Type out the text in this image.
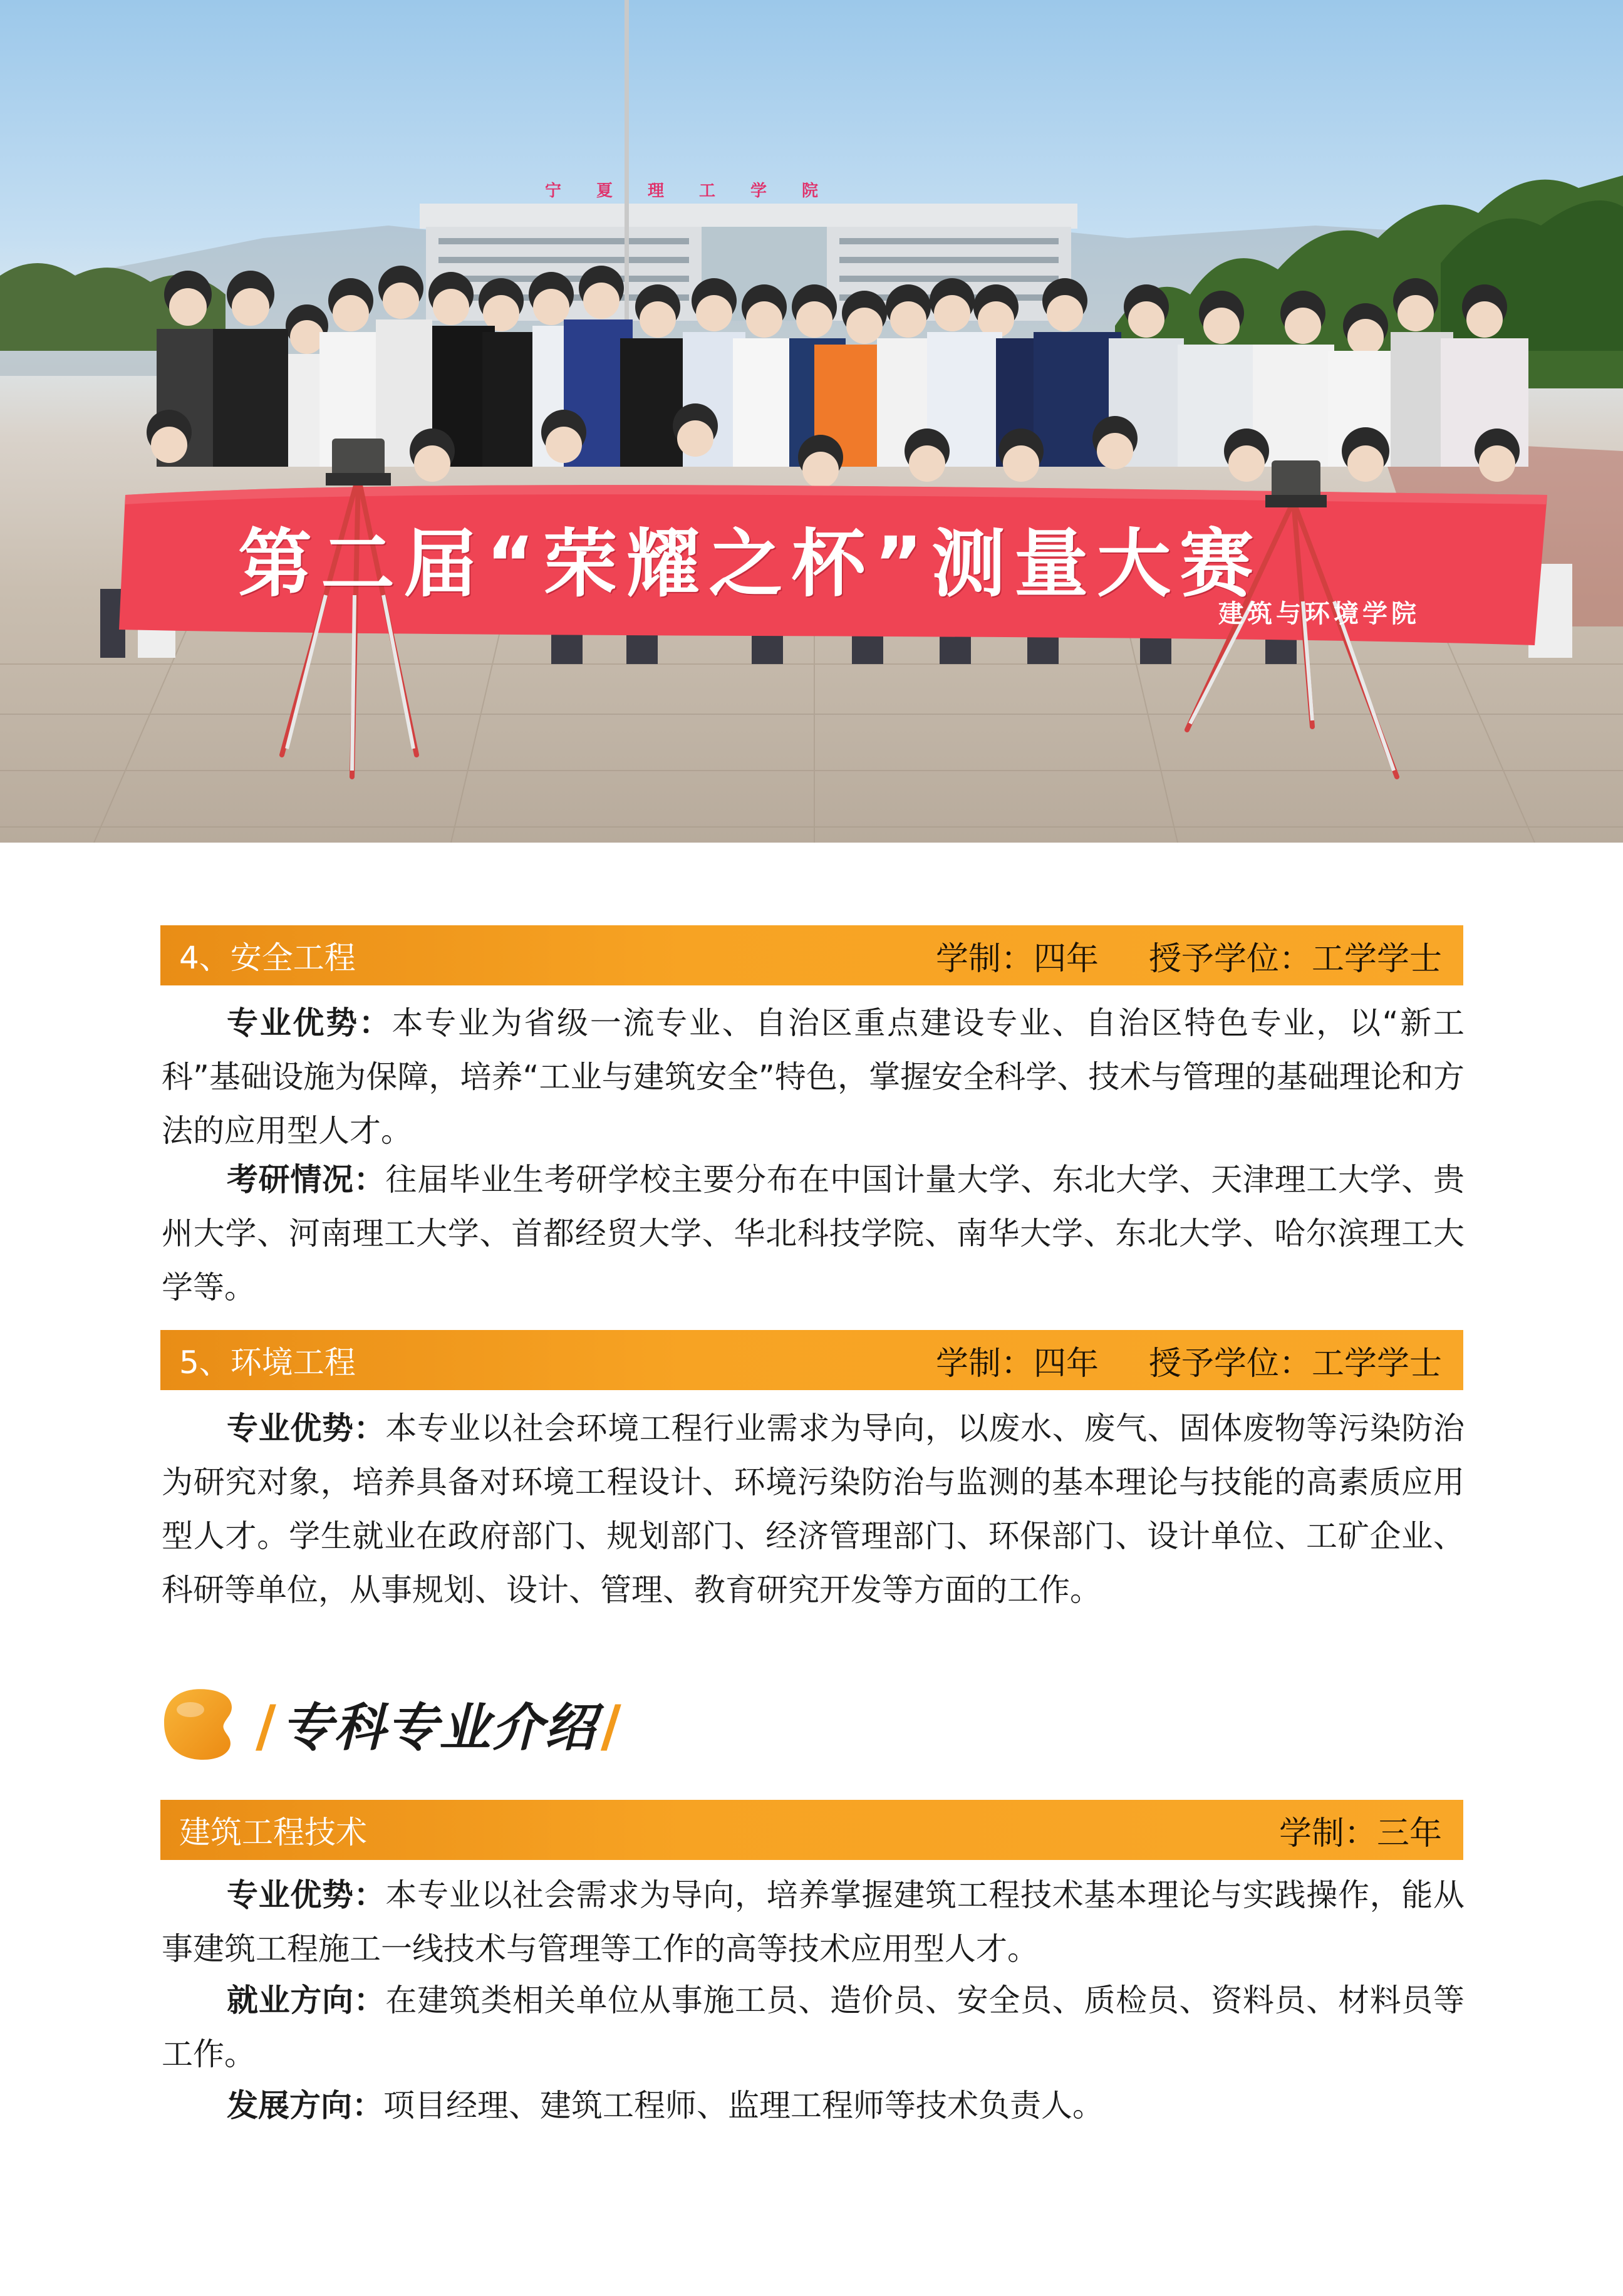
宁夏理工学院
第二届“荣耀之杯”测量大赛
建筑与环境学院
4、安全工程	学制：四年 授予学位：工学学士

专业优势：本专业为省级一流专业、自治区重点建设专业、自治区特色专业，以“新工科”基础设施为保障，培养“工业与建筑安全”特色，掌握安全科学、技术与管理的基础理论和方法的应用型人才。

考研情况：往届毕业生考研学校主要分布在中国计量大学、东北大学、天津理工大学、贵州大学、河南理工大学、首都经贸大学、华北科技学院、南华大学、东北大学、哈尔滨理工大学等。

5、环境工程	学制：四年 授予学位：工学学士

专业优势：本专业以社会环境工程行业需求为导向，以废水、废气、固体废物等污染防治为研究对象，培养具备对环境工程设计、环境污染防治与监测的基本理论与技能的高素质应用型人才。学生就业在政府部门、规划部门、经济管理部门、环保部门、设计单位、工矿企业、科研等单位，从事规划、设计、管理、教育研究开发等方面的工作。

/专科专业介绍/
建筑工程技术	学制：三年

专业优势：本专业以社会需求为导向，培养掌握建筑工程技术基本理论与实践操作，能从事建筑工程施工一线技术与管理等工作的高等技术应用型人才。

就业方向：在建筑类相关单位从事施工员、造价员、安全员、质检员、资料员、材料员等工作。

发展方向：项目经理、建筑工程师、监理工程师等技术负责人。
